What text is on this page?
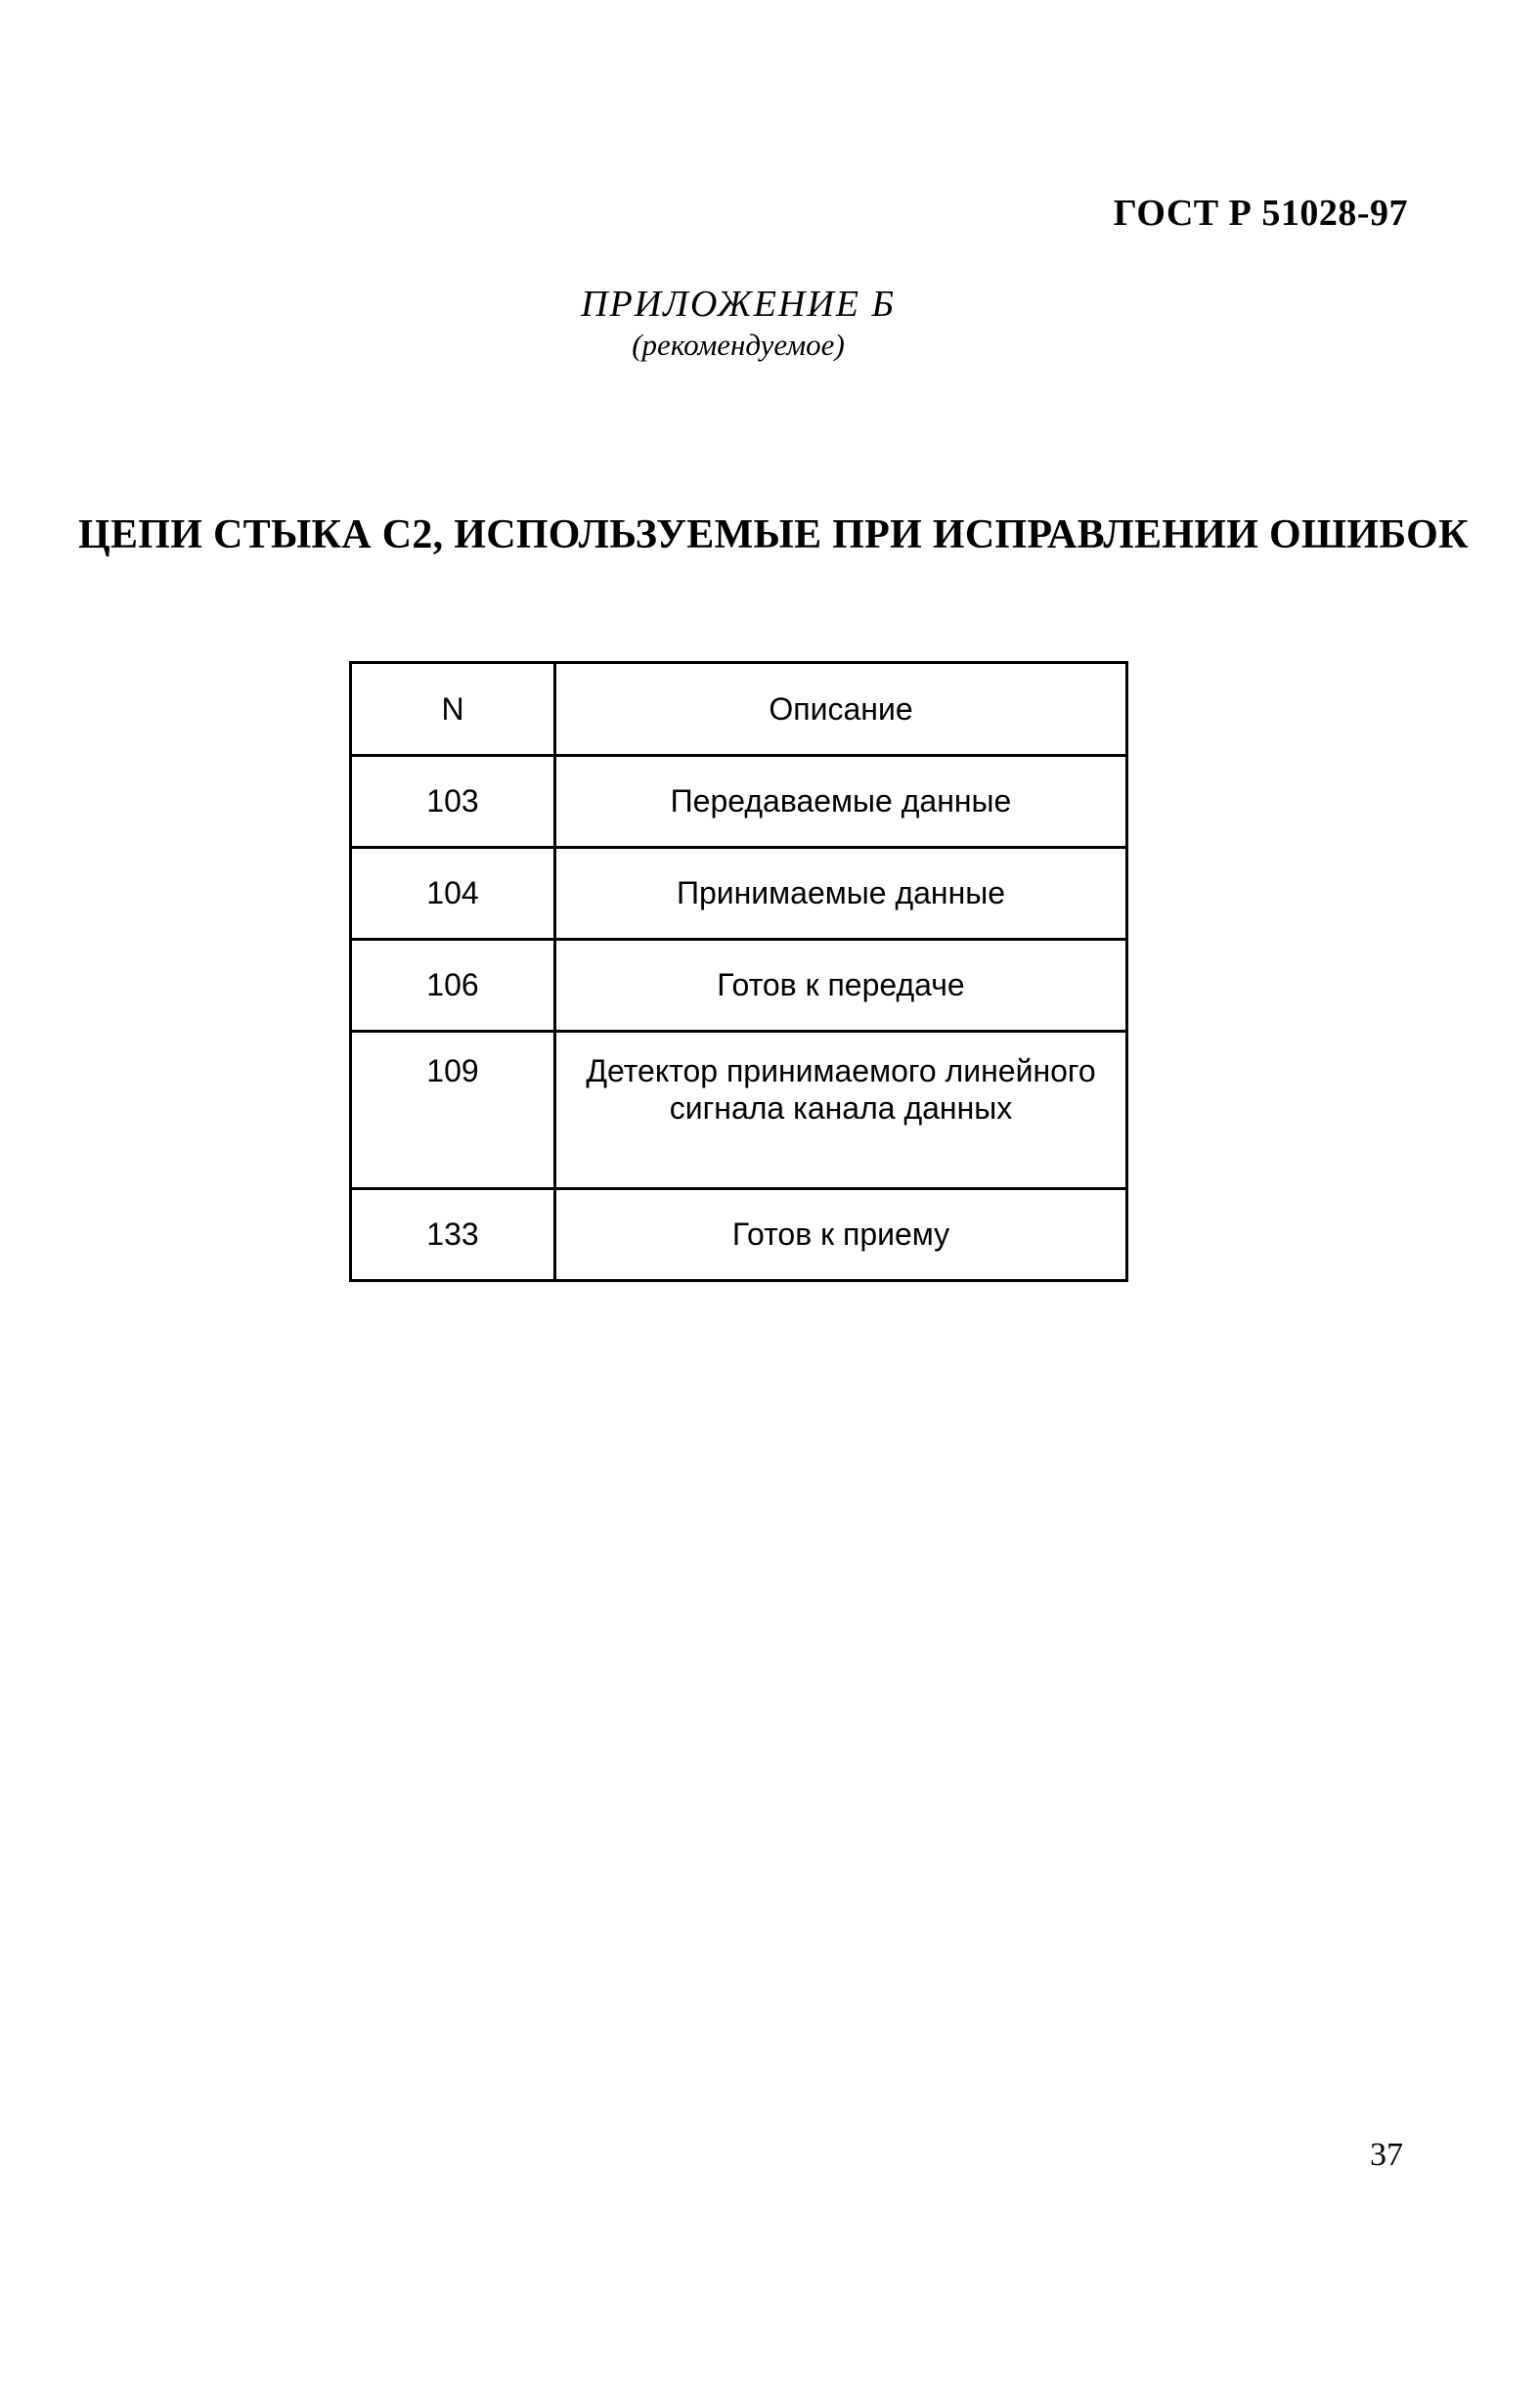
ГОСТ Р 51028-97
ПРИЛОЖЕНИЕ Б
(рекомендуемое)
ЦЕПИ СТЫКА С2, ИСПОЛЬЗУЕМЫЕ ПРИ ИСПРАВЛЕНИИ ОШИБОК
N	Описание
103	Передаваемые данные

104	Принимаемые данные

106	Готов к передаче

109	Детектор принимаемого линейного
сигнала канала данных

133	Готов к приему
37
